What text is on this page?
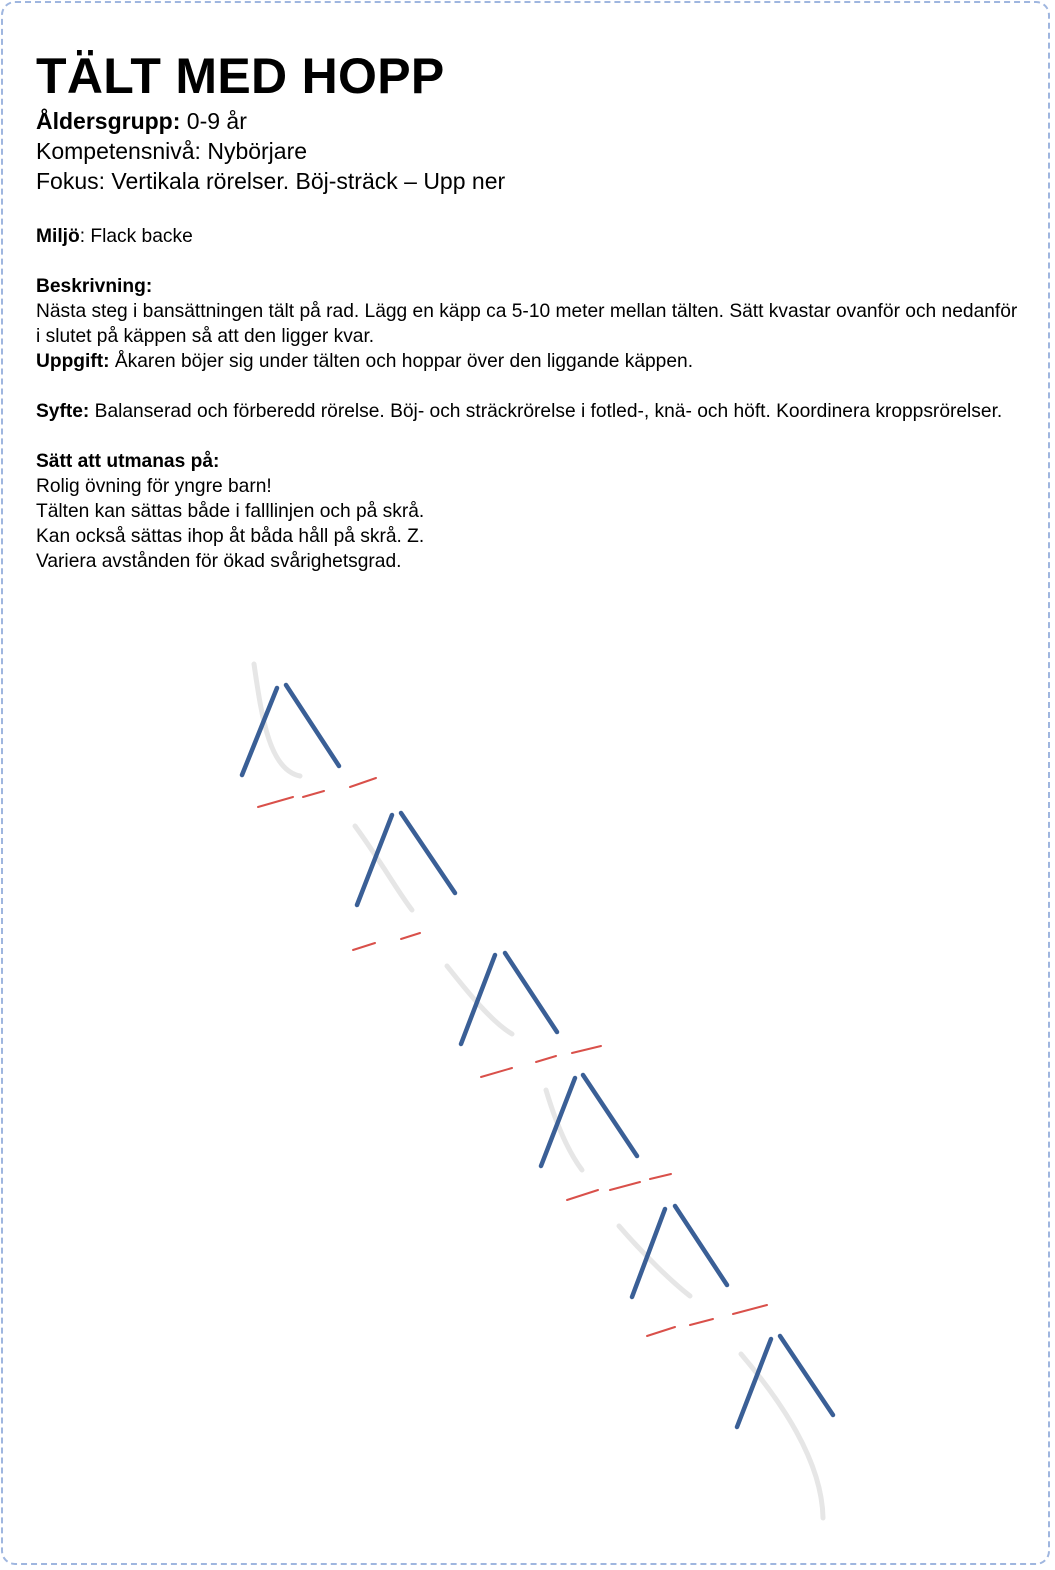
TÄLT MED HOPP
Åldersgrupp: 0-9 år
Kompetensnivå: Nybörjare
Fokus: Vertikala rörelser. Böj-sträck – Upp ner
Miljö: Flack backe
Beskrivning:
Nästa steg i bansättningen tält på rad. Lägg en käpp ca 5-10 meter mellan tälten. Sätt kvastar ovanför och nedanför i slutet på käppen så att den ligger kvar.
Uppgift: Åkaren böjer sig under tälten och hoppar över den liggande käppen.
Syfte: Balanserad och förberedd rörelse. Böj- och sträckrörelse i fotled-, knä- och höft. Koordinera kroppsrörelser.
Sätt att utmanas på:
Rolig övning för yngre barn!
Tälten kan sättas både i falllinjen och på skrå.
Kan också sättas ihop åt båda håll på skrå. Z.
Variera avstånden för ökad svårighetsgrad.
